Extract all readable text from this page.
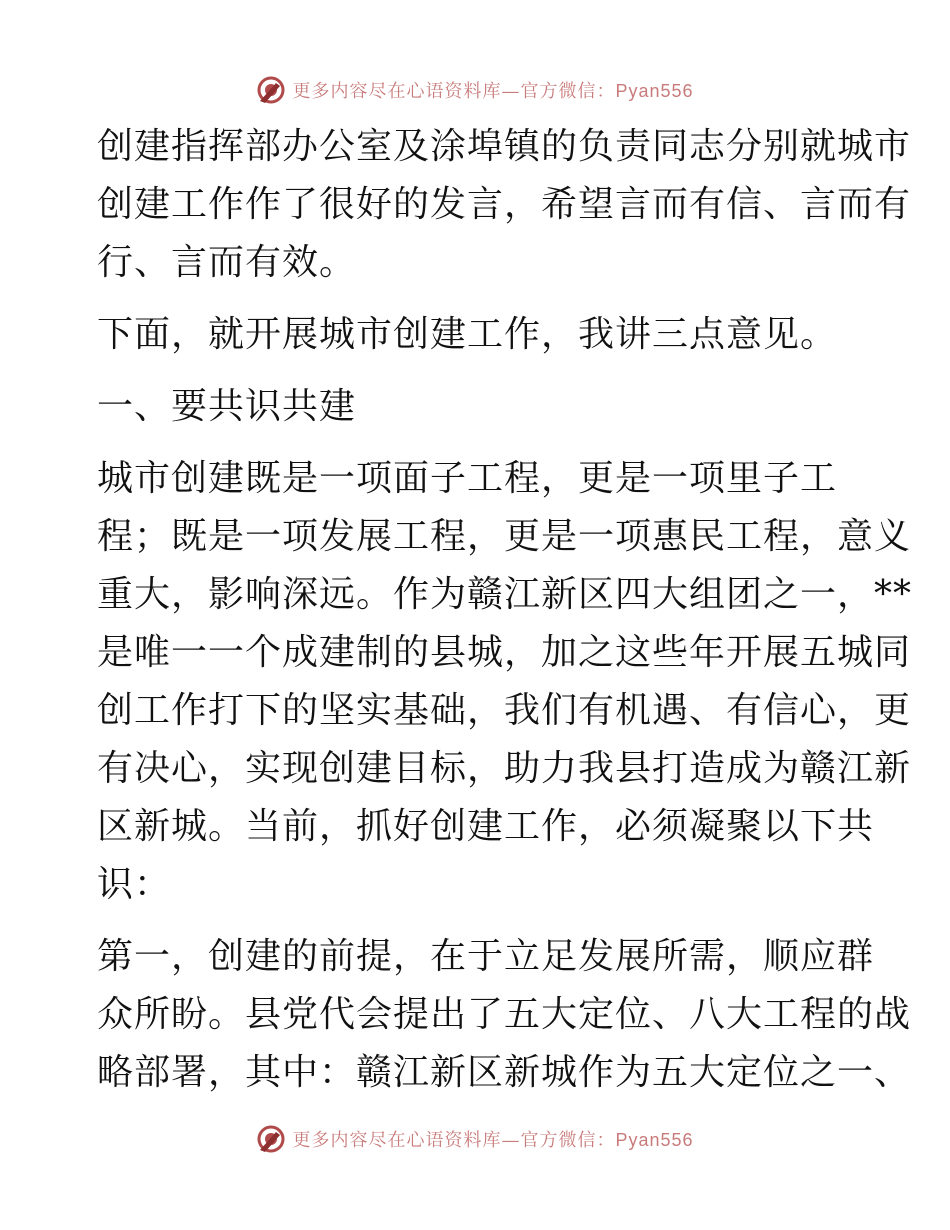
更多内容尽在心语资料库—官方微信：Pyan556
创建指挥部办公室及涂埠镇的负责同志分别就城市
创建工作作了很好的发言，希望言而有信、言而有
行、言而有效。
下面，就开展城市创建工作，我讲三点意见。
一、要共识共建
城市创建既是一项面子工程，更是一项里子工
程；既是一项发展工程，更是一项惠民工程，意义
重大，影响深远。作为赣江新区四大组团之一，**
是唯一一个成建制的县城，加之这些年开展五城同
创工作打下的坚实基础，我们有机遇、有信心，更
有决心，实现创建目标，助力我县打造成为赣江新
区新城。当前，抓好创建工作，必须凝聚以下共
识：
第一，创建的前提，在于立足发展所需，顺应群
众所盼。县党代会提出了五大定位、八大工程的战
略部署，其中：赣江新区新城作为五大定位之一、
更多内容尽在心语资料库—官方微信：Pyan556
